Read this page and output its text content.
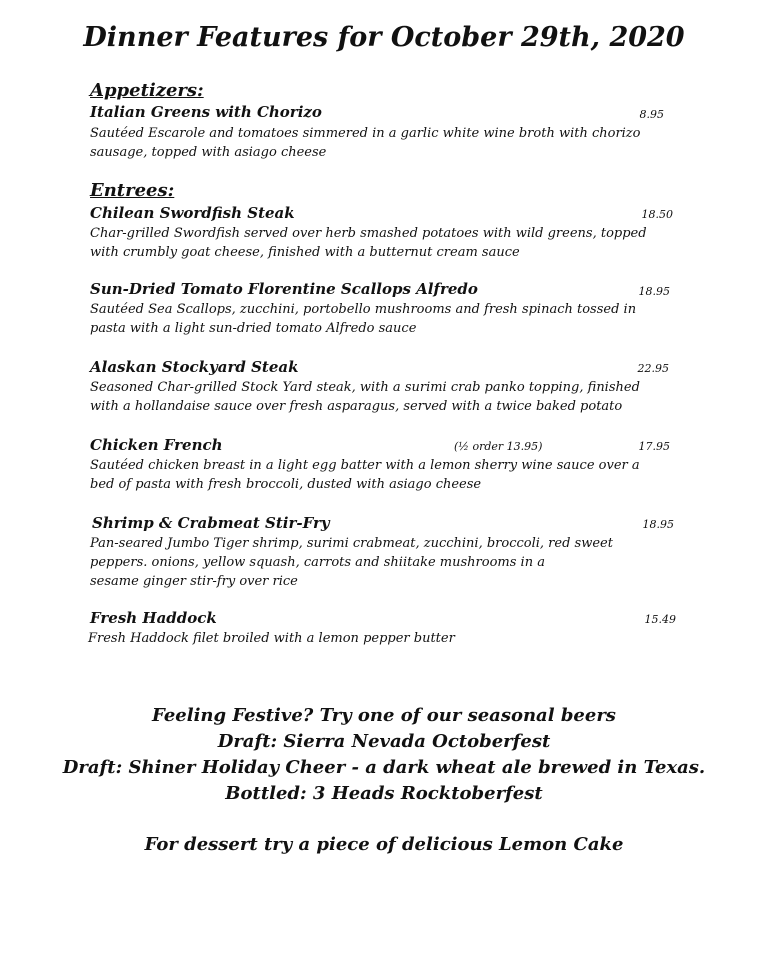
Dinner Features for October 29th, 2020
Appetizers:
Italian Greens with Chorizo	8.95
Sautéed Escarole and tomatoes simmered in a garlic white wine broth with chorizo
sausage, topped with asiago cheese
Entrees:
Chilean Swordfish Steak	18.50
Char-grilled Swordfish served over herb smashed potatoes with wild greens, topped
with crumbly goat cheese, finished with a butternut cream sauce
Sun-Dried Tomato Florentine Scallops Alfredo	18.95
Sautéed Sea Scallops, zucchini, portobello mushrooms and fresh spinach tossed in
pasta with a light sun-dried tomato Alfredo sauce
Alaskan Stockyard Steak	22.95
Seasoned Char-grilled Stock Yard steak, with a surimi crab panko topping, finished
with a hollandaise sauce over fresh asparagus, served with a twice baked potato
Chicken French	(½ order 13.95)	17.95
Sautéed chicken breast in a light egg batter with a lemon sherry wine sauce over a
bed of pasta with fresh broccoli, dusted with asiago cheese
Shrimp & Crabmeat Stir-Fry	18.95
Pan-seared Jumbo Tiger shrimp, surimi crabmeat, zucchini, broccoli, red sweet
peppers. onions, yellow squash, carrots and shiitake mushrooms in a
sesame ginger stir-fry over rice
Fresh Haddock	15.49
Fresh Haddock filet broiled with a lemon pepper butter
Feeling Festive? Try one of our seasonal beers
Draft: Sierra Nevada Octoberfest
Draft: Shiner Holiday Cheer - a dark wheat ale brewed in Texas.
Bottled: 3 Heads Rocktoberfest
For dessert try a piece of delicious Lemon Cake
